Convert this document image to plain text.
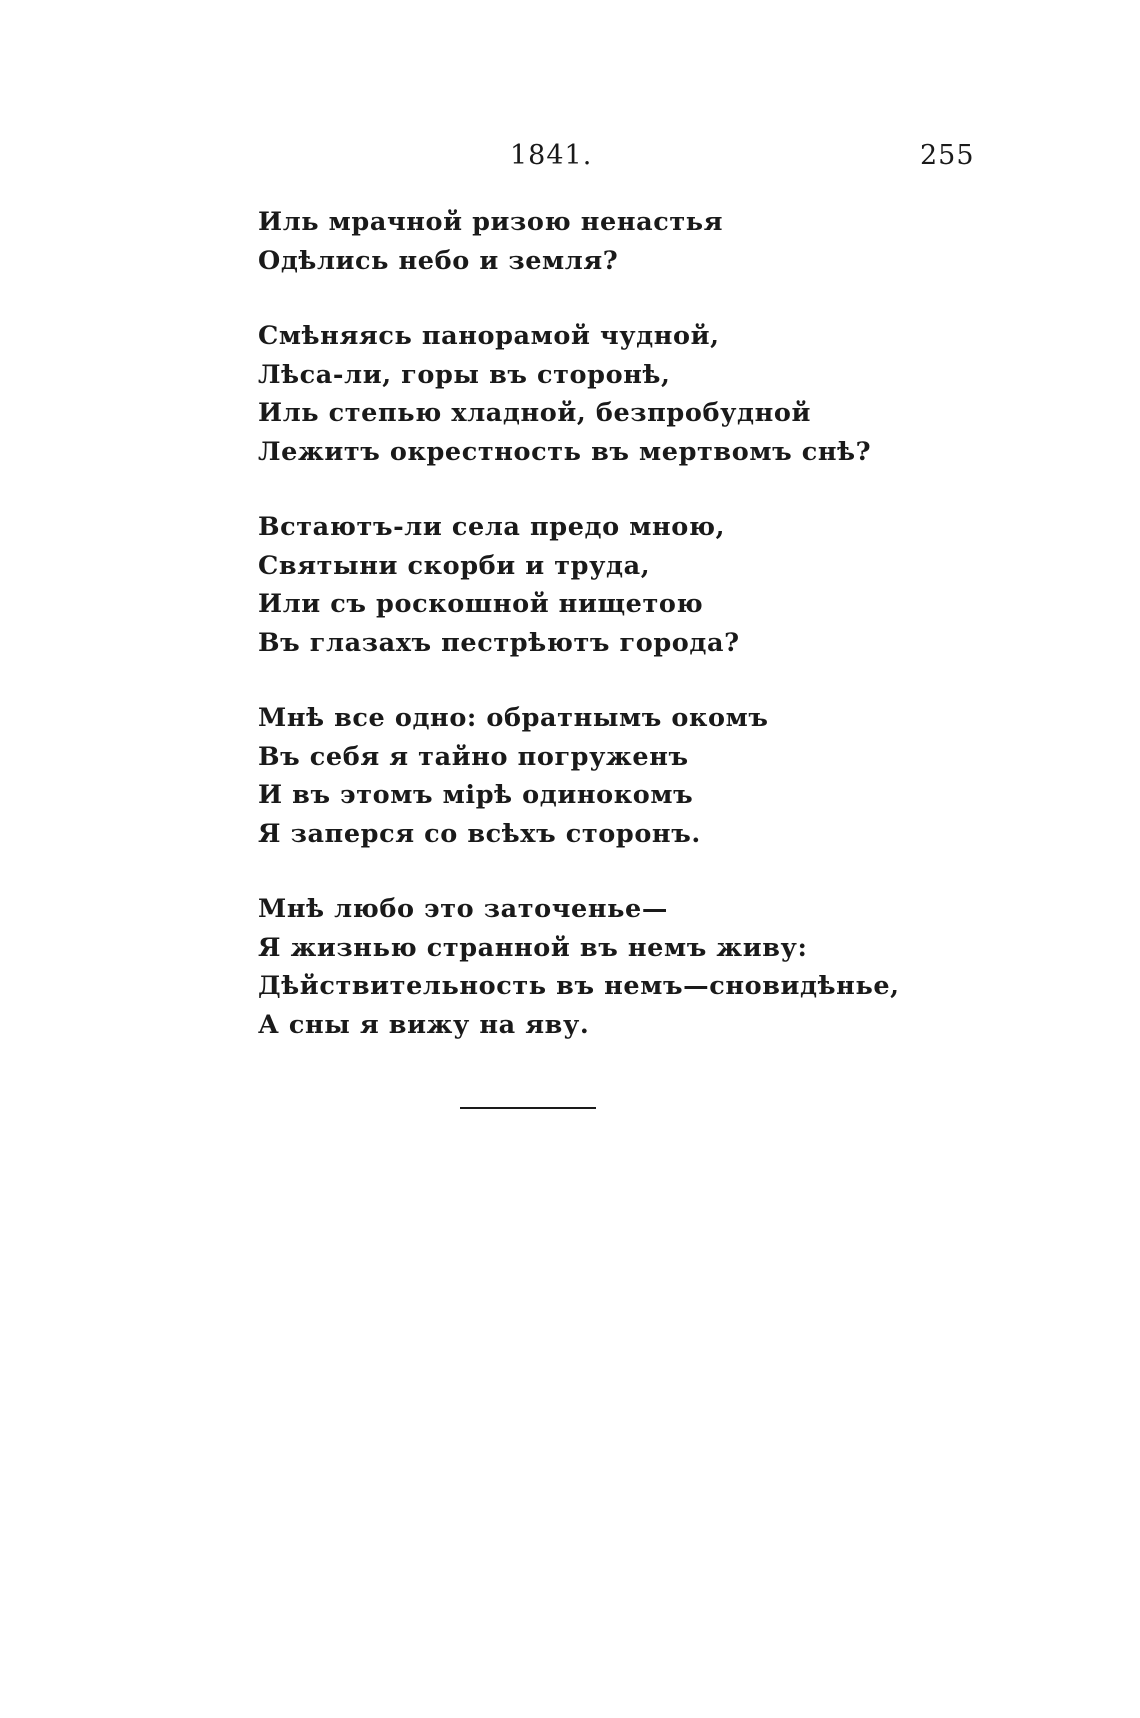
1841.	255
Иль мрачной ризою ненастья
Одѣлись небо и земля?
Смѣняясь панорамой чудной,
Лѣса-ли, горы въ сторонѣ,
Иль степью хладной, безпробудной
Лежитъ окрестность въ мертвомъ снѣ?
Встаютъ-ли села предо мною,
Святыни скорби и труда,
Или съ роскошной нищетою
Въ глазахъ пестрѣютъ города?
Мнѣ все одно: обратнымъ окомъ
Въ себя я тайно погруженъ
И въ этомъ мiрѣ одинокомъ
Я заперся со всѣхъ сторонъ.
Мнѣ любо это заточенье—
Я жизнью странной въ немъ живу:
Дѣйствительность въ немъ—сновидѣнье,
А сны я вижу на яву.
